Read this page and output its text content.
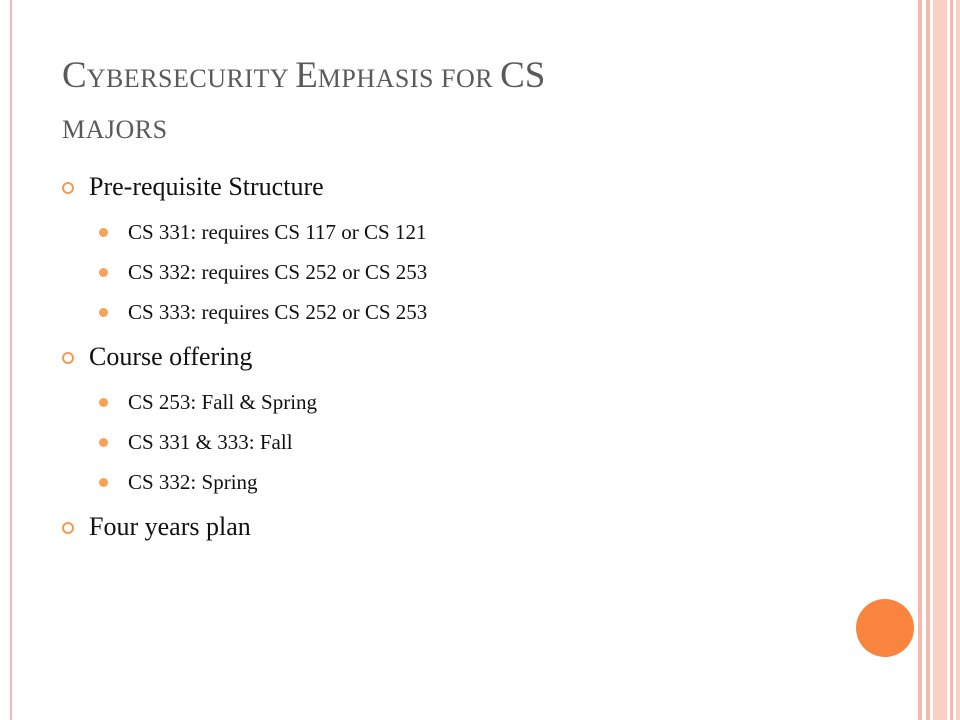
CYBERSECURITY EMPHASIS FOR CS
MAJORS
Pre-requisite Structure
CS 331: requires CS 117 or CS 121
CS 332: requires CS 252 or CS 253
CS 333: requires CS 252 or CS 253
Course offering
CS 253: Fall & Spring
CS 331 & 333: Fall
CS 332: Spring
Four years plan
